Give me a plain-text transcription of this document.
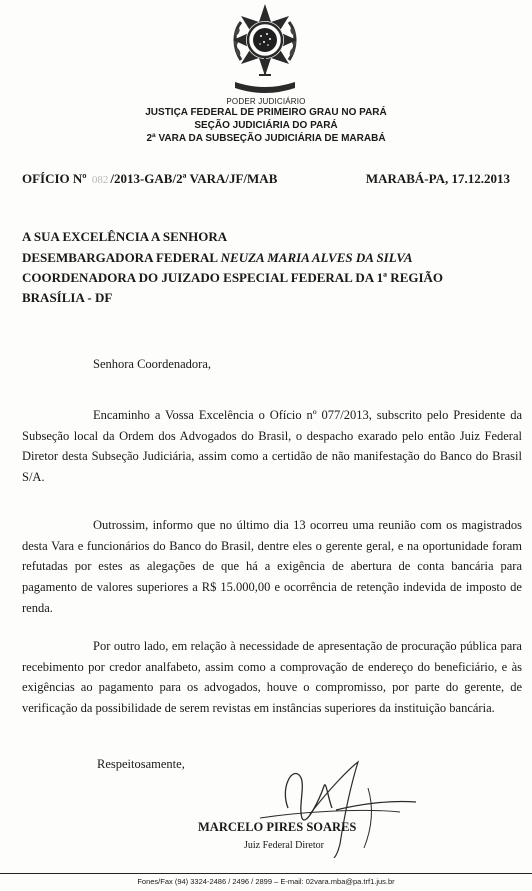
PODER JUDICIÁRIO
JUSTIÇA FEDERAL DE PRIMEIRO GRAU NO PARÁ
SEÇÃO JUDICIÁRIA DO PARÁ
2ª VARA DA SUBSEÇÃO JUDICIÁRIA DE MARABÁ
OFÍCIO Nº 082 /2013-GAB/2ª VARA/JF/MAB	MARABÁ-PA, 17.12.2013
A SUA EXCELÊNCIA A SENHORA
DESEMBARGADORA FEDERAL NEUZA MARIA ALVES DA SILVA
COORDENADORA DO JUIZADO ESPECIAL FEDERAL DA 1ª REGIÃO
BRASÍLIA - DF
Senhora Coordenadora,

Encaminho a Vossa Excelência o Ofício nº 077/2013, subscrito pelo Presidente da Subseção local da Ordem dos Advogados do Brasil, o despacho exarado pelo então Juiz Federal Diretor desta Subseção Judiciária, assim como a certidão de não manifestação do Banco do Brasil S/A.

Outrossim, informo que no último dia 13 ocorreu uma reunião com os magistrados desta Vara e funcionários do Banco do Brasil, dentre eles o gerente geral, e na oportunidade foram refutadas por estes as alegações de que há a exigência de abertura de conta bancária para pagamento de valores superiores a R$ 15.000,00 e ocorrência de retenção indevida de imposto de renda.

Por outro lado, em relação à necessidade de apresentação de procuração pública para recebimento por credor analfabeto, assim como a comprovação de endereço do beneficiário, e às exigências ao pagamento para os advogados, houve o compromisso, por parte do gerente, de verificação da possibilidade de serem revistas em instâncias superiores da instituição bancária.

Respeitosamente,
MARCELO PIRES SOARES
Juiz Federal Diretor
Fones/Fax (94) 3324-2486 / 2496 / 2899 – E-mail: 02vara.mba@pa.trf1.jus.br
